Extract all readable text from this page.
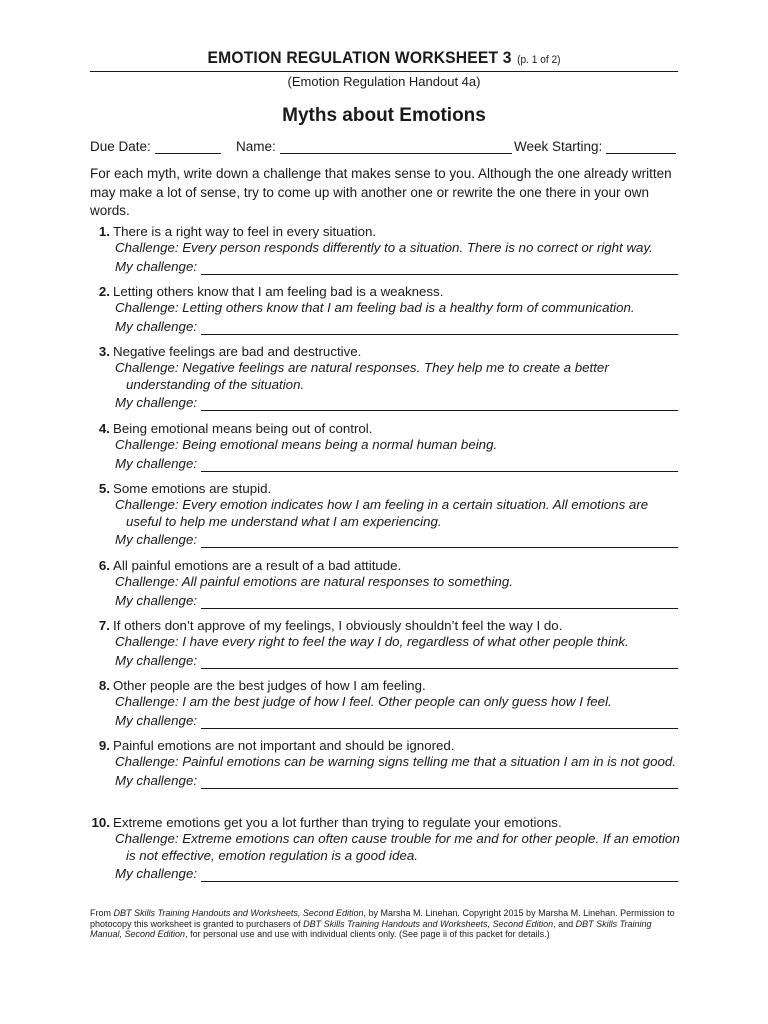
EMOTION REGULATION WORKSHEET 3 (p. 1 of 2)
(Emotion Regulation Handout 4a)
Myths about Emotions
Due Date:	Name:	Week Starting:

For each myth, write down a challenge that makes sense to you. Although the one already written may make a lot of sense, try to come up with another one or rewrite the one there in your own words.

1. There is a right way to feel in every situation.
Challenge: Every person responds differently to a situation. There is no correct or right way.
My challenge:
2. Letting others know that I am feeling bad is a weakness.
Challenge: Letting others know that I am feeling bad is a healthy form of communication.
My challenge:
3. Negative feelings are bad and destructive.
Challenge: Negative feelings are natural responses. They help me to create a better understanding of the situation.
My challenge:
4. Being emotional means being out of control.
Challenge: Being emotional means being a normal human being.
My challenge:
5. Some emotions are stupid.
Challenge: Every emotion indicates how I am feeling in a certain situation. All emotions are useful to help me understand what I am experiencing.
My challenge:
6. All painful emotions are a result of a bad attitude.
Challenge: All painful emotions are natural responses to something.
My challenge:
7. If others don’t approve of my feelings, I obviously shouldn’t feel the way I do.
Challenge: I have every right to feel the way I do, regardless of what other people think.
My challenge:
8. Other people are the best judges of how I am feeling.
Challenge: I am the best judge of how I feel. Other people can only guess how I feel.
My challenge:
9. Painful emotions are not important and should be ignored.
Challenge: Painful emotions can be warning signs telling me that a situation I am in is not good.
My challenge:
10. Extreme emotions get you a lot further than trying to regulate your emotions.
Challenge: Extreme emotions can often cause trouble for me and for other people. If an emotion is not effective, emotion regulation is a good idea.
My challenge:

From DBT Skills Training Handouts and Worksheets, Second Edition, by Marsha M. Linehan. Copyright 2015 by Marsha M. Linehan. Permission to photocopy this worksheet is granted to purchasers of DBT Skills Training Handouts and Worksheets, Second Edition, and DBT Skills Training Manual, Second Edition, for personal use and use with individual clients only. (See page ii of this packet for details.)
